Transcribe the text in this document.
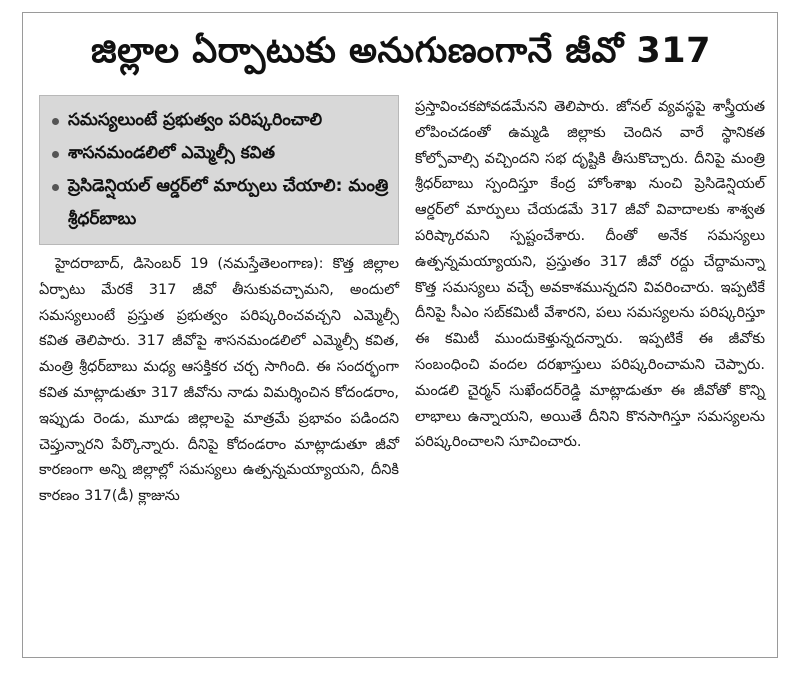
జిల్లాల ఏర్పాటుకు అనుగుణంగానే జీవో 317
సమస్యలుంటే ప్రభుత్వం పరిష్కరించాలి
శాసనమండలిలో ఎమ్మెల్సీ కవిత
ప్రెసిడెన్షియల్ ఆర్డర్‌లో మార్పులు చేయాలి: మంత్రి శ్రీధర్‌బాబు

హైదరాబాద్, డిసెంబర్ 19 (నమస్తేతెలంగాణ): కొత్త జిల్లాల ఏర్పాటు మేరకే 317 జీవో తీసుకువచ్చామని, అందులో సమస్యలుంటే ప్రస్తుత ప్రభుత్వం పరిష్కరించవచ్చని ఎమ్మెల్సీ కవిత తెలిపారు. 317 జీవోపై శాసనమండలిలో ఎమ్మెల్సీ కవిత, మంత్రి శ్రీధర్‌బాబు మధ్య ఆసక్తికర చర్చ సాగింది. ఈ సందర్భంగా కవిత మాట్లాడుతూ 317 జీవోను నాడు విమర్శించిన కోదండరాం, ఇప్పుడు రెండు, మూడు జిల్లాలపై మాత్రమే ప్రభావం పడిందని చెప్తున్నారని పేర్కొన్నారు. దీనిపై కోదండరాం మాట్లాడుతూ జీవో కారణంగా అన్ని జిల్లాల్లో సమస్యలు ఉత్పన్నమయ్యాయని, దీనికి కారణం 317(డీ) క్లాజును

ప్రస్తావించకపోవడమేనని తెలిపారు. జోనల్ వ్యవస్థపై శాస్త్రీయత లోపించడంతో ఉమ్మడి జిల్లాకు చెందిన వారే స్థానికత కోల్పోవాల్సి వచ్చిందని సభ దృష్టికి తీసుకొచ్చారు. దీనిపై మంత్రి శ్రీధర్‌బాబు స్పందిస్తూ కేంద్ర హోంశాఖ నుంచి ప్రెసిడెన్షియల్ ఆర్డర్‌లో మార్పులు చేయడమే 317 జీవో వివాదాలకు శాశ్వత పరిష్కారమని స్పష్టంచేశారు. దీంతో అనేక సమస్యలు ఉత్పన్నమయ్యాయని, ప్రస్తుతం 317 జీవో రద్దు చేద్దామన్నా కొత్త సమస్యలు వచ్చే అవకాశమున్నదని వివరించారు. ఇప్పటికే దీనిపై సీఎం సబ్‌కమిటీ వేశారని, పలు సమస్యలను పరిష్కరిస్తూ ఈ కమిటీ ముందుకెళ్తున్నదన్నారు. ఇప్పటికే ఈ జీవోకు సంబంధించి వందల దరఖాస్తులు పరిష్కరించామని చెప్పారు. మండలి చైర్మన్ సుఖేందర్‌రెడ్డి మాట్లాడుతూ ఈ జీవోతో కొన్ని లాభాలు ఉన్నాయని, అయితే దీనిని కొనసాగిస్తూ సమస్యలను పరిష్కరించాలని సూచించారు.
